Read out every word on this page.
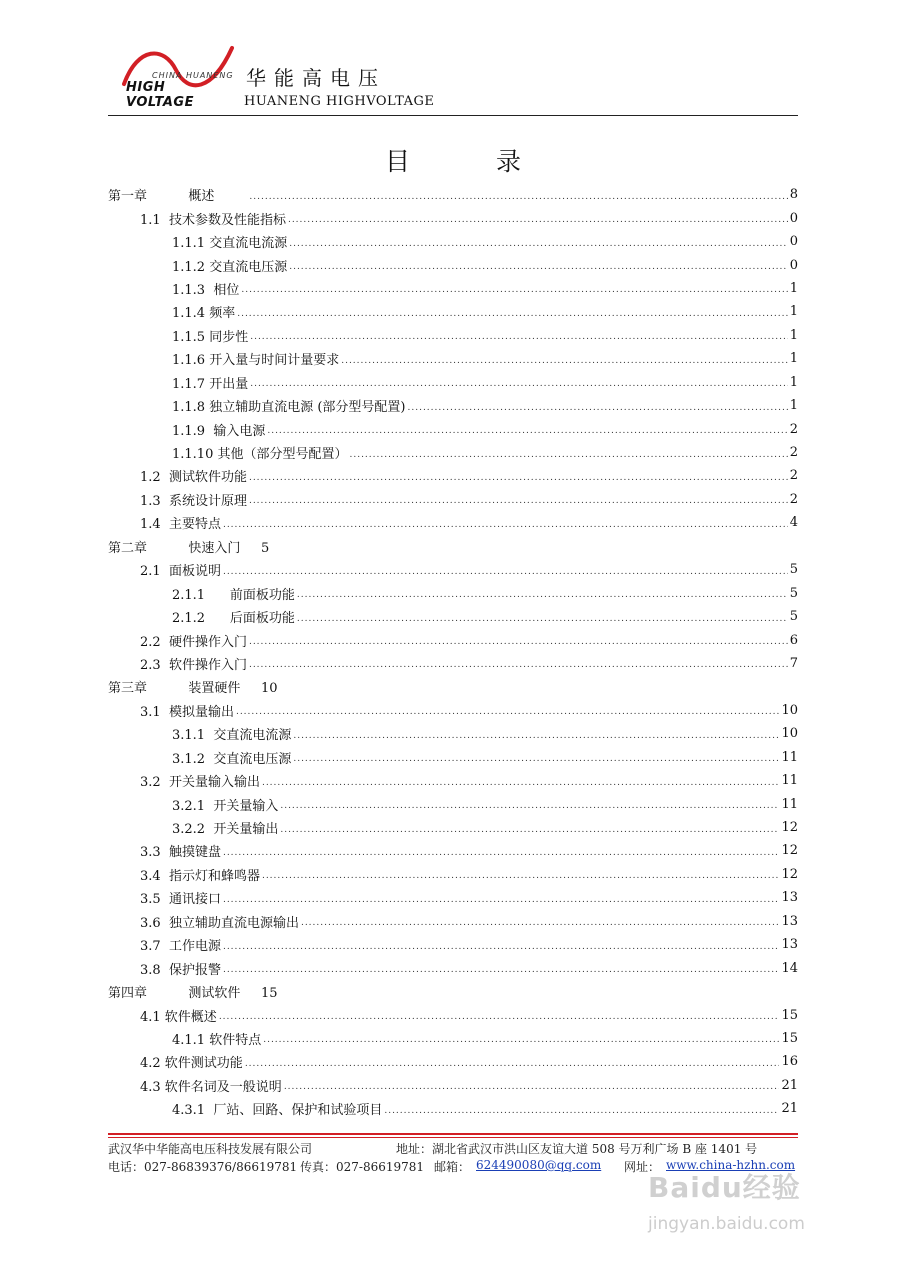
CHINA HUANENG
HIGH VOLTAGE
华能高电压
HUANENG HIGHVOLTAGE
目录
第一章          概述 .....	8
1.1  技术参数及性能指标 .....	0
1.1.1 交直流电流源 .....	0
1.1.2 交直流电压源 .....	0
1.1.3  相位 .....	1
1.1.4 频率 .....	1
1.1.5 同步性 .....	1
1.1.6 开入量与时间计量要求 .....	1
1.1.7 开出量 .....	1
1.1.8 独立辅助直流电源 (部分型号配置) .....	1
1.1.9  输入电源 .....	2
1.1.10 其他（部分型号配置） .....	2
1.2  测试软件功能 .....	2
1.3  系统设计原理 .....	2
1.4  主要特点 .....	4
第二章          快速入门     5
2.1  面板说明 .....	5
2.1.1      前面板功能 .....	5
2.1.2      后面板功能 .....	5
2.2  硬件操作入门 .....	6
2.3  软件操作入门 .....	7
第三章          装置硬件     10
3.1  模拟量输出 .....	10
3.1.1  交直流电流源 .....	10
3.1.2  交直流电压源 .....	11
3.2  开关量输入输出 .....	11
3.2.1  开关量输入 .....	11
3.2.2  开关量输出 .....	12
3.3  触摸键盘 .....	12
3.4  指示灯和蜂鸣器 .....	12
3.5  通讯接口 .....	13
3.6  独立辅助直流电源输出 .....	13
3.7  工作电源 .....	13
3.8  保护报警 .....	14
第四章          测试软件     15
4.1 软件概述 .....	15
4.1.1 软件特点 .....	15
4.2 软件测试功能 .....	16
4.3 软件名词及一般说明 .....	21
4.3.1  厂站、回路、保护和试验项目 .....	21
武汉华中华能高电压科技发展有限公司	地址：湖北省武汉市洪山区友谊大道 508 号万利广场 B 座 1401 号
电话：027-86839376/86619781 传真：027-86619781 邮箱： 624490080@qq.com 网址： www.china-hzhn.com
Baidu经验
jingyan.baidu.com
